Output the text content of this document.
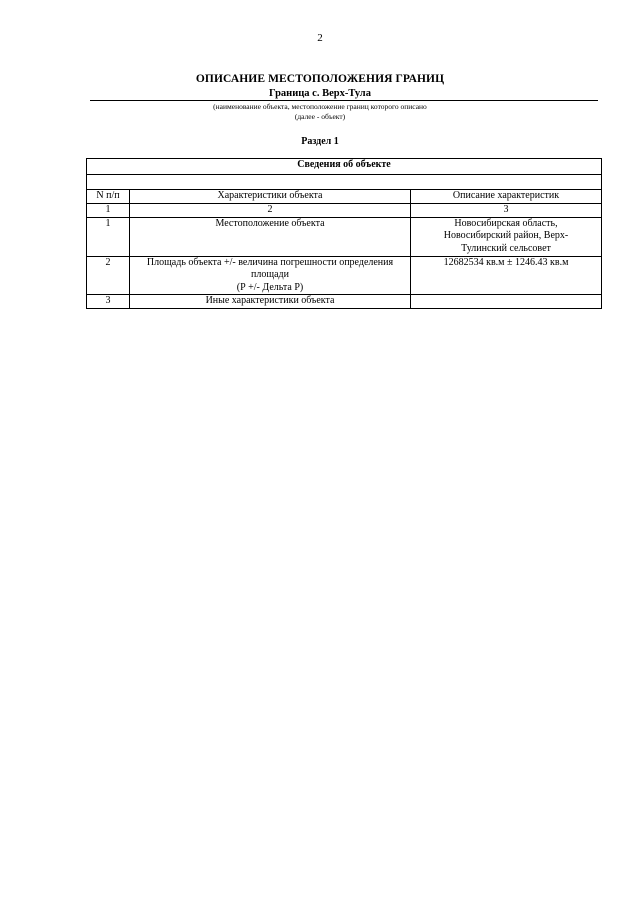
2
ОПИСАНИЕ МЕСТОПОЛОЖЕНИЯ ГРАНИЦ
Граница с. Верх-Тула
(наименование объекта, местоположение границ которого описано
(далее - объект)
Раздел 1
Сведения об объекте		

N п/п	Характеристики объекта	Описание характеристик
1	2	3
1	Местоположение объекта	Новосибирская область,
Новосибирский район, Верх-
Тулинский сельсовет

2	Площадь объекта +/- величина погрешности определения
площади
(Р +/- Дельта Р)	12682534 кв.м ± 1246.43 кв.м
3	Иные характеристики объекта	
